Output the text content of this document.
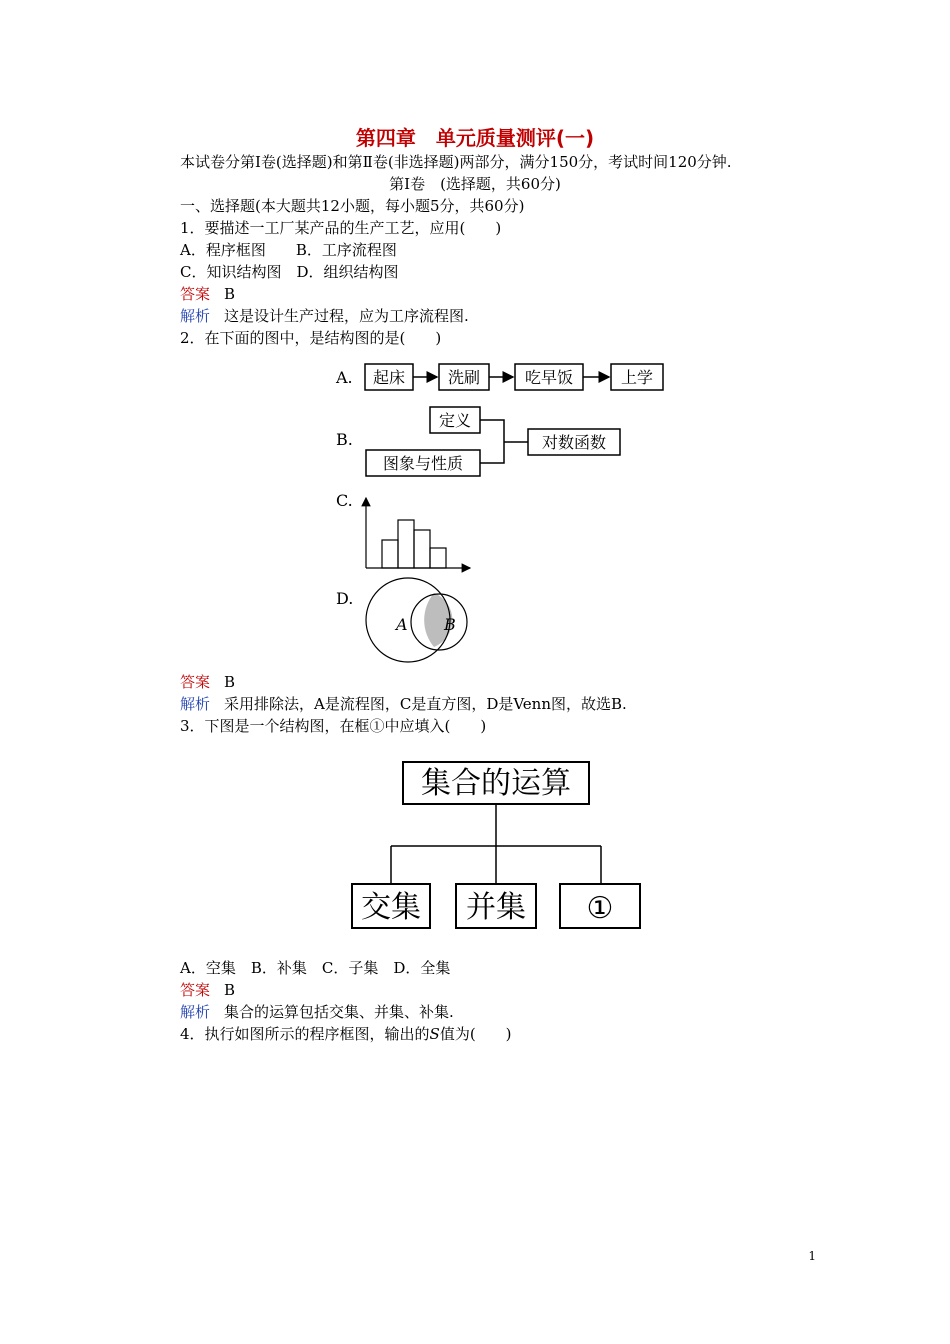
第四章　单元质量测评(一)
本试卷分第Ⅰ卷(选择题)和第Ⅱ卷(非选择题)两部分，满分150分，考试时间120分钟.
第Ⅰ卷　(选择题，共60分)
一、选择题(本大题共12小题，每小题5分，共60分)
1．要描述一工厂某产品的生产工艺，应用(　　)
A．程序框图　　B．工序流程图
C．知识结构图　D．组织结构图
答案 B
解析 这是设计生产过程，应为工序流程图.
2．在下面的图中，是结构图的是(　　)
A. 起床	洗刷	吃早饭	上学
B.
定义
图象与性质
对数函数
C.
D.
A B
答案 B
解析 采用排除法，A是流程图，C是直方图，D是Venn图，故选B.
3．下图是一个结构图，在框①中应填入(　　)
集合的运算
交集 并集 ①
A．空集　B．补集　C．子集　D．全集
答案 B
解析 集合的运算包括交集、并集、补集.
4．执行如图所示的程序框图，输出的S值为(　　)
1
